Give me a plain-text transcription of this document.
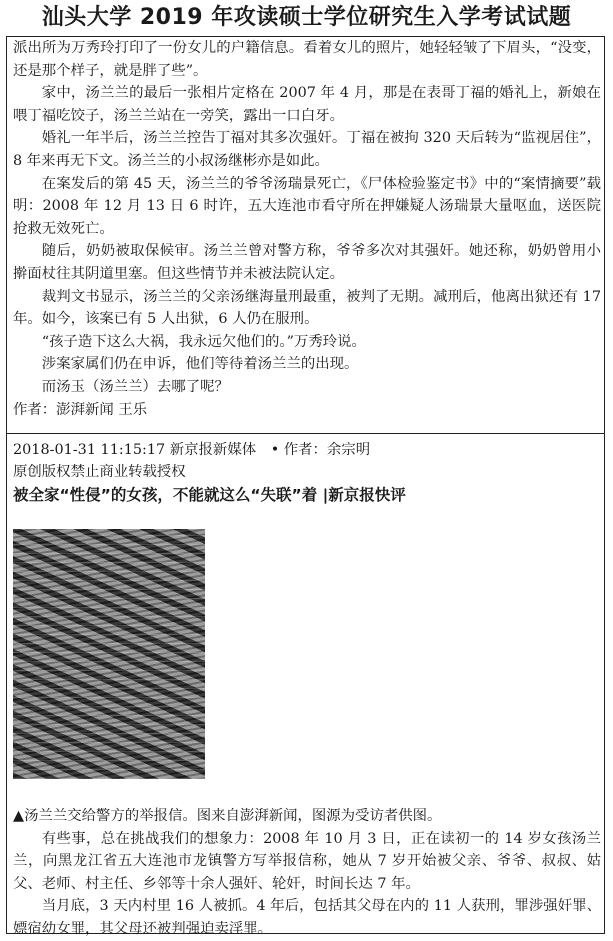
汕头大学 2019 年攻读硕士学位研究生入学考试试题

派出所为万秀玲打印了一份女儿的户籍信息。看着女儿的照片，她轻轻皱了下眉头，“没变，还是那个样子，就是胖了些”。

家中，汤兰兰的最后一张相片定格在 2007 年 4 月，那是在表哥丁福的婚礼上，新娘在喂丁福吃饺子，汤兰兰站在一旁笑，露出一口白牙。

婚礼一年半后，汤兰兰控告丁福对其多次强奸。丁福在被拘 320 天后转为“监视居住”，8 年来再无下文。汤兰兰的小叔汤继彬亦是如此。

在案发后的第 45 天，汤兰兰的爷爷汤瑞景死亡，《尸体检验鉴定书》中的“案情摘要”载明：2008 年 12 月 13 日 6 时许，五大连池市看守所在押嫌疑人汤瑞景大量呕血，送医院抢救无效死亡。

随后，奶奶被取保候审。汤兰兰曾对警方称，爷爷多次对其强奸。她还称，奶奶曾用小擀面杖往其阴道里塞。但这些情节并未被法院认定。

裁判文书显示，汤兰兰的父亲汤继海量刑最重，被判了无期。减刑后，他离出狱还有 17 年。如今，该案已有 5 人出狱，6 人仍在服刑。

“孩子造下这么大祸，我永远欠他们的。”万秀玲说。

涉案家属们仍在申诉，他们等待着汤兰兰的出现。

而汤玉（汤兰兰）去哪了呢？

作者：澎湃新闻 王乐

2018-01-31 11:15:17 新京报新媒体 • 作者：余宗明
原创版权禁止商业转载授权
被全家“性侵”的女孩，不能就这么“失联”着 |新京报快评

▲汤兰兰交给警方的举报信。图来自澎湃新闻，图源为受访者供图。

有些事，总在挑战我们的想象力：2008 年 10 月 3 日，正在读初一的 14 岁女孩汤兰兰，向黑龙江省五大连池市龙镇警方写举报信称，她从 7 岁开始被父亲、爷爷、叔叔、姑父、老师、村主任、乡邻等十余人强奸、轮奸，时间长达 7 年。

当月底，3 天内村里 16 人被抓。4 年后，包括其父母在内的 11 人获刑，罪涉强奸罪、嫖宿幼女罪，其父母还被判强迫卖淫罪。
